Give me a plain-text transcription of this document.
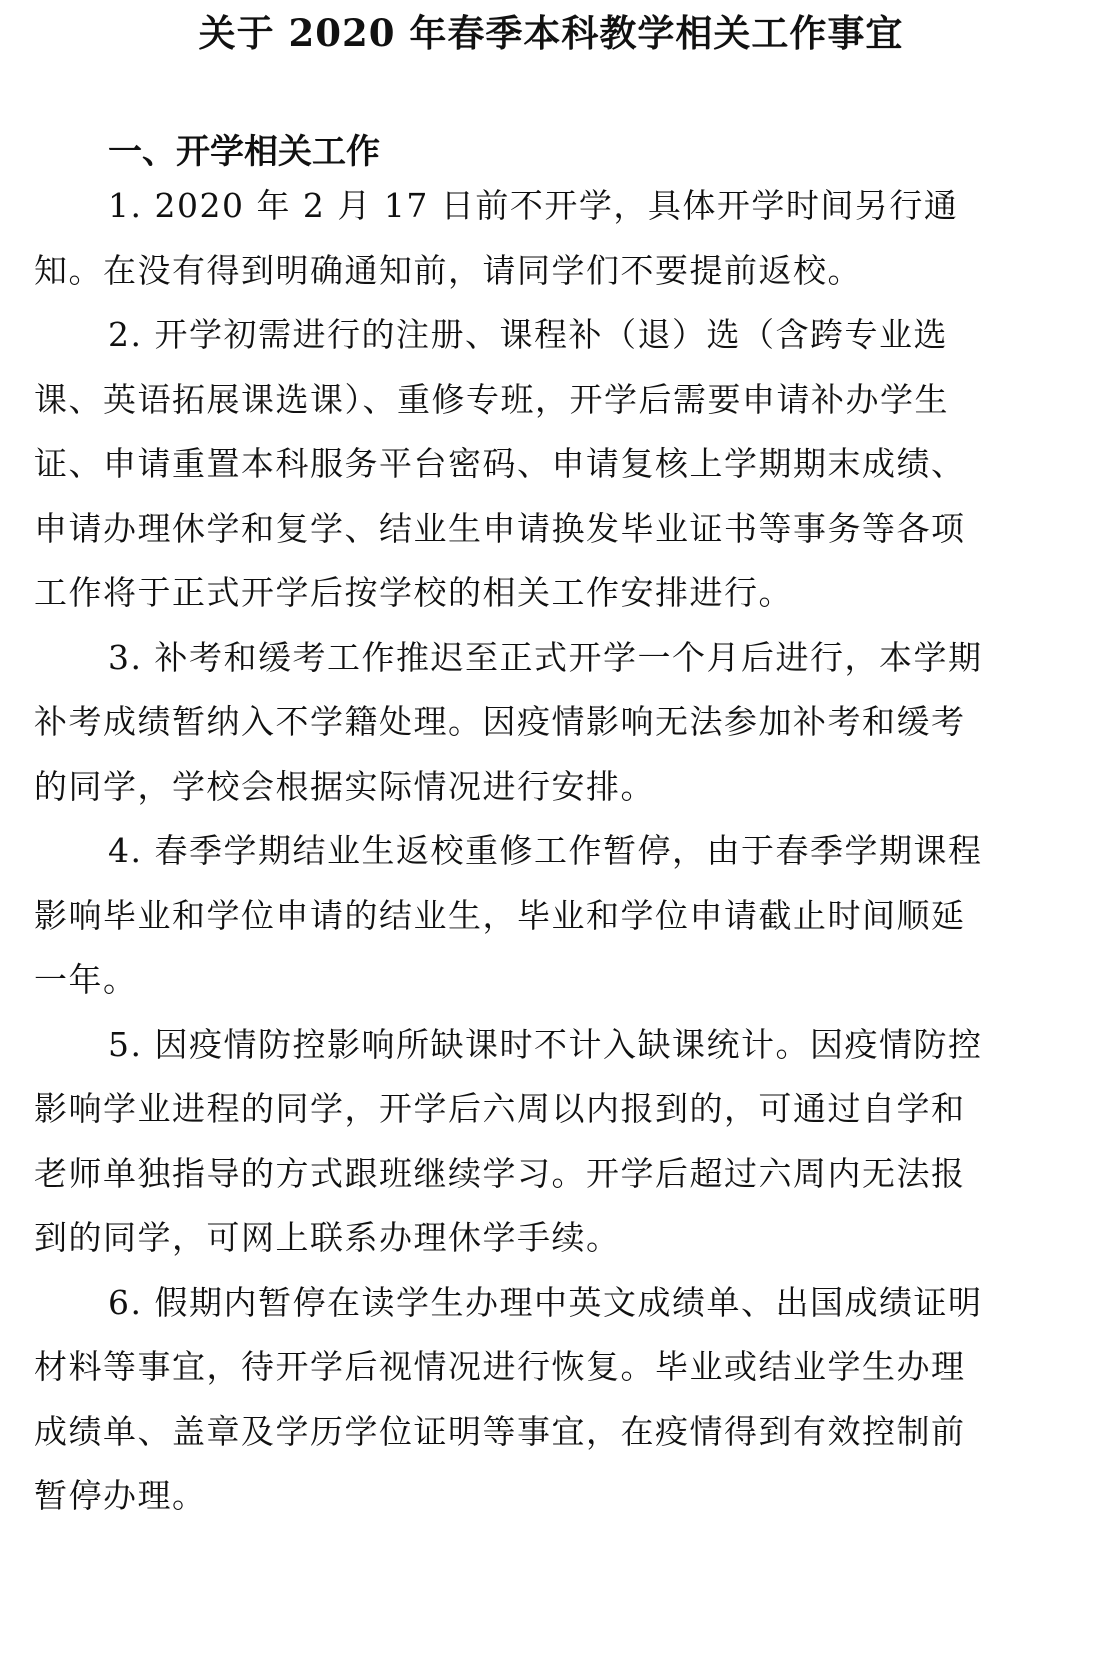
关于 2020 年春季本科教学相关工作事宜
一、开学相关工作

1. 2020 年 2 月 17 日前不开学，具体开学时间另行通知。在没有得到明确通知前，请同学们不要提前返校。

2. 开学初需进行的注册、课程补（退）选（含跨专业选课、英语拓展课选课）、重修专班，开学后需要申请补办学生证、申请重置本科服务平台密码、申请复核上学期期末成绩、申请办理休学和复学、结业生申请换发毕业证书等事务等各项工作将于正式开学后按学校的相关工作安排进行。

3. 补考和缓考工作推迟至正式开学一个月后进行，本学期补考成绩暂纳入不学籍处理。因疫情影响无法参加补考和缓考的同学，学校会根据实际情况进行安排。

4. 春季学期结业生返校重修工作暂停，由于春季学期课程影响毕业和学位申请的结业生，毕业和学位申请截止时间顺延一年。

5. 因疫情防控影响所缺课时不计入缺课统计。因疫情防控影响学业进程的同学，开学后六周以内报到的，可通过自学和老师单独指导的方式跟班继续学习。开学后超过六周内无法报到的同学，可网上联系办理休学手续。

6. 假期内暂停在读学生办理中英文成绩单、出国成绩证明材料等事宜，待开学后视情况进行恢复。毕业或结业学生办理成绩单、盖章及学历学位证明等事宜，在疫情得到有效控制前暂停办理。
